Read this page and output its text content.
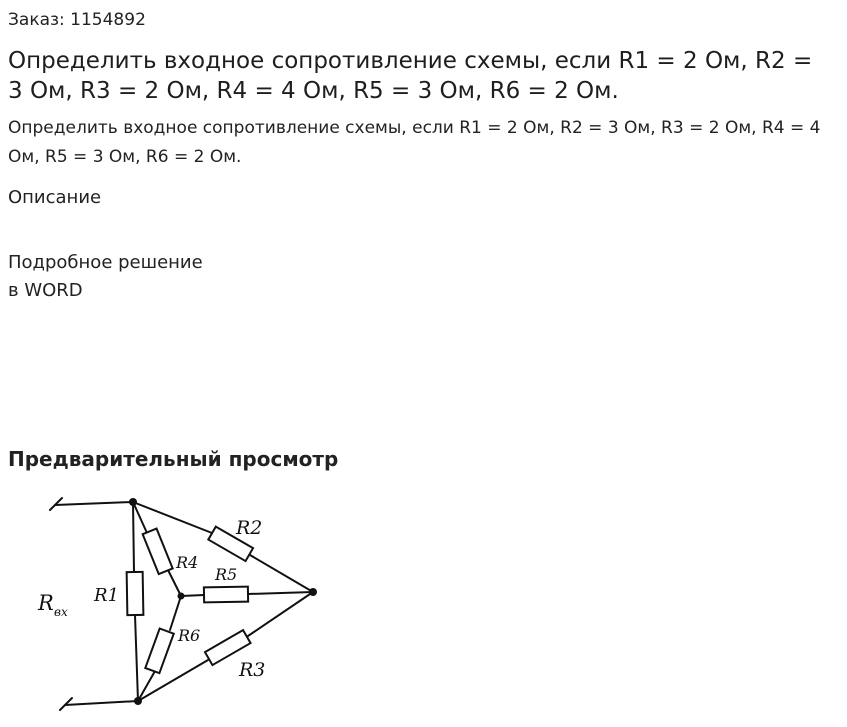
Заказ: 1154892
Определить входное сопротивление схемы, если R1 = 2 Ом, R2 = 3 Ом, R3 = 2 Ом, R4 = 4 Ом, R5 = 3 Ом, R6 = 2 Ом.
Определить входное сопротивление схемы, если R1 = 2 Ом, R2 = 3 Ом, R3 = 2 Ом, R4 = 4 Ом, R5 = 3 Ом, R6 = 2 Ом.
Описание
Подробное решение
в WORD
Предварительный просмотр
R2
R4
R5
R1
R6
R3
R вх
